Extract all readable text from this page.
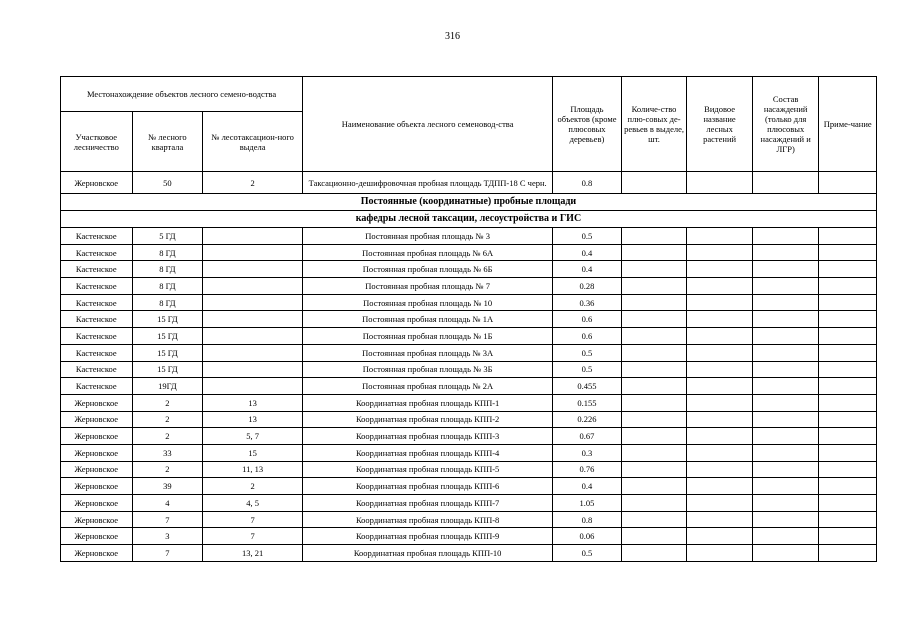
316
Местонахождение объектов лесного семено-водства			Наименование объекта лесного семеновод-ства	Площадь объектов (кроме плюсовых деревьев)	Количе-ство плю-совых де-ревьев в выделе, шт.	Видовое название лесных растений	Состав насаждений (только для плюсовых насаждений и ЛГР)	Приме-чание
Участковое лесничество	№ лесного квартала	№ лесотаксацион-ного выдела						
Жерновское	50	2	Таксационно-дешифровочная пробная площадь ТДПП-18 С черн.	0.8				
Постоянные (координатные) пробные площади								
кафедры лесной таксации, лесоустройства и ГИС								
Кастенское	5 ГД		Постоянная пробная площадь № 3	0.5				
Кастенское	8 ГД		Постоянная пробная площадь № 6А	0.4				
Кастенское	8 ГД		Постоянная пробная площадь № 6Б	0.4				
Кастенское	8 ГД		Постоянная пробная площадь № 7	0.28				
Кастенское	8 ГД		Постоянная пробная площадь № 10	0.36				
Кастенское	15 ГД		Постоянная пробная площадь № 1А	0.6				
Кастенское	15 ГД		Постоянная пробная площадь № 1Б	0.6				
Кастенское	15 ГД		Постоянная пробная площадь № 3А	0.5				
Кастенское	15 ГД		Постоянная пробная площадь № 3Б	0.5				
Кастенское	19ГД		Постоянная пробная площадь № 2А	0.455				
Жерновское	2	13	Координатная пробная площадь КПП-1	0.155				
Жерновское	2	13	Координатная пробная площадь КПП-2	0.226				
Жерновское	2	5, 7	Координатная пробная площадь КПП-3	0.67				
Жерновское	33	15	Координатная пробная площадь КПП-4	0.3				
Жерновское	2	11, 13	Координатная пробная площадь КПП-5	0.76				
Жерновское	39	2	Координатная пробная площадь КПП-6	0.4				
Жерновское	4	4, 5	Координатная пробная площадь КПП-7	1.05				
Жерновское	7	7	Координатная пробная площадь КПП-8	0.8				
Жерновское	3	7	Координатная пробная площадь КПП-9	0.06				
Жерновское	7	13, 21	Координатная пробная площадь КПП-10	0.5				
